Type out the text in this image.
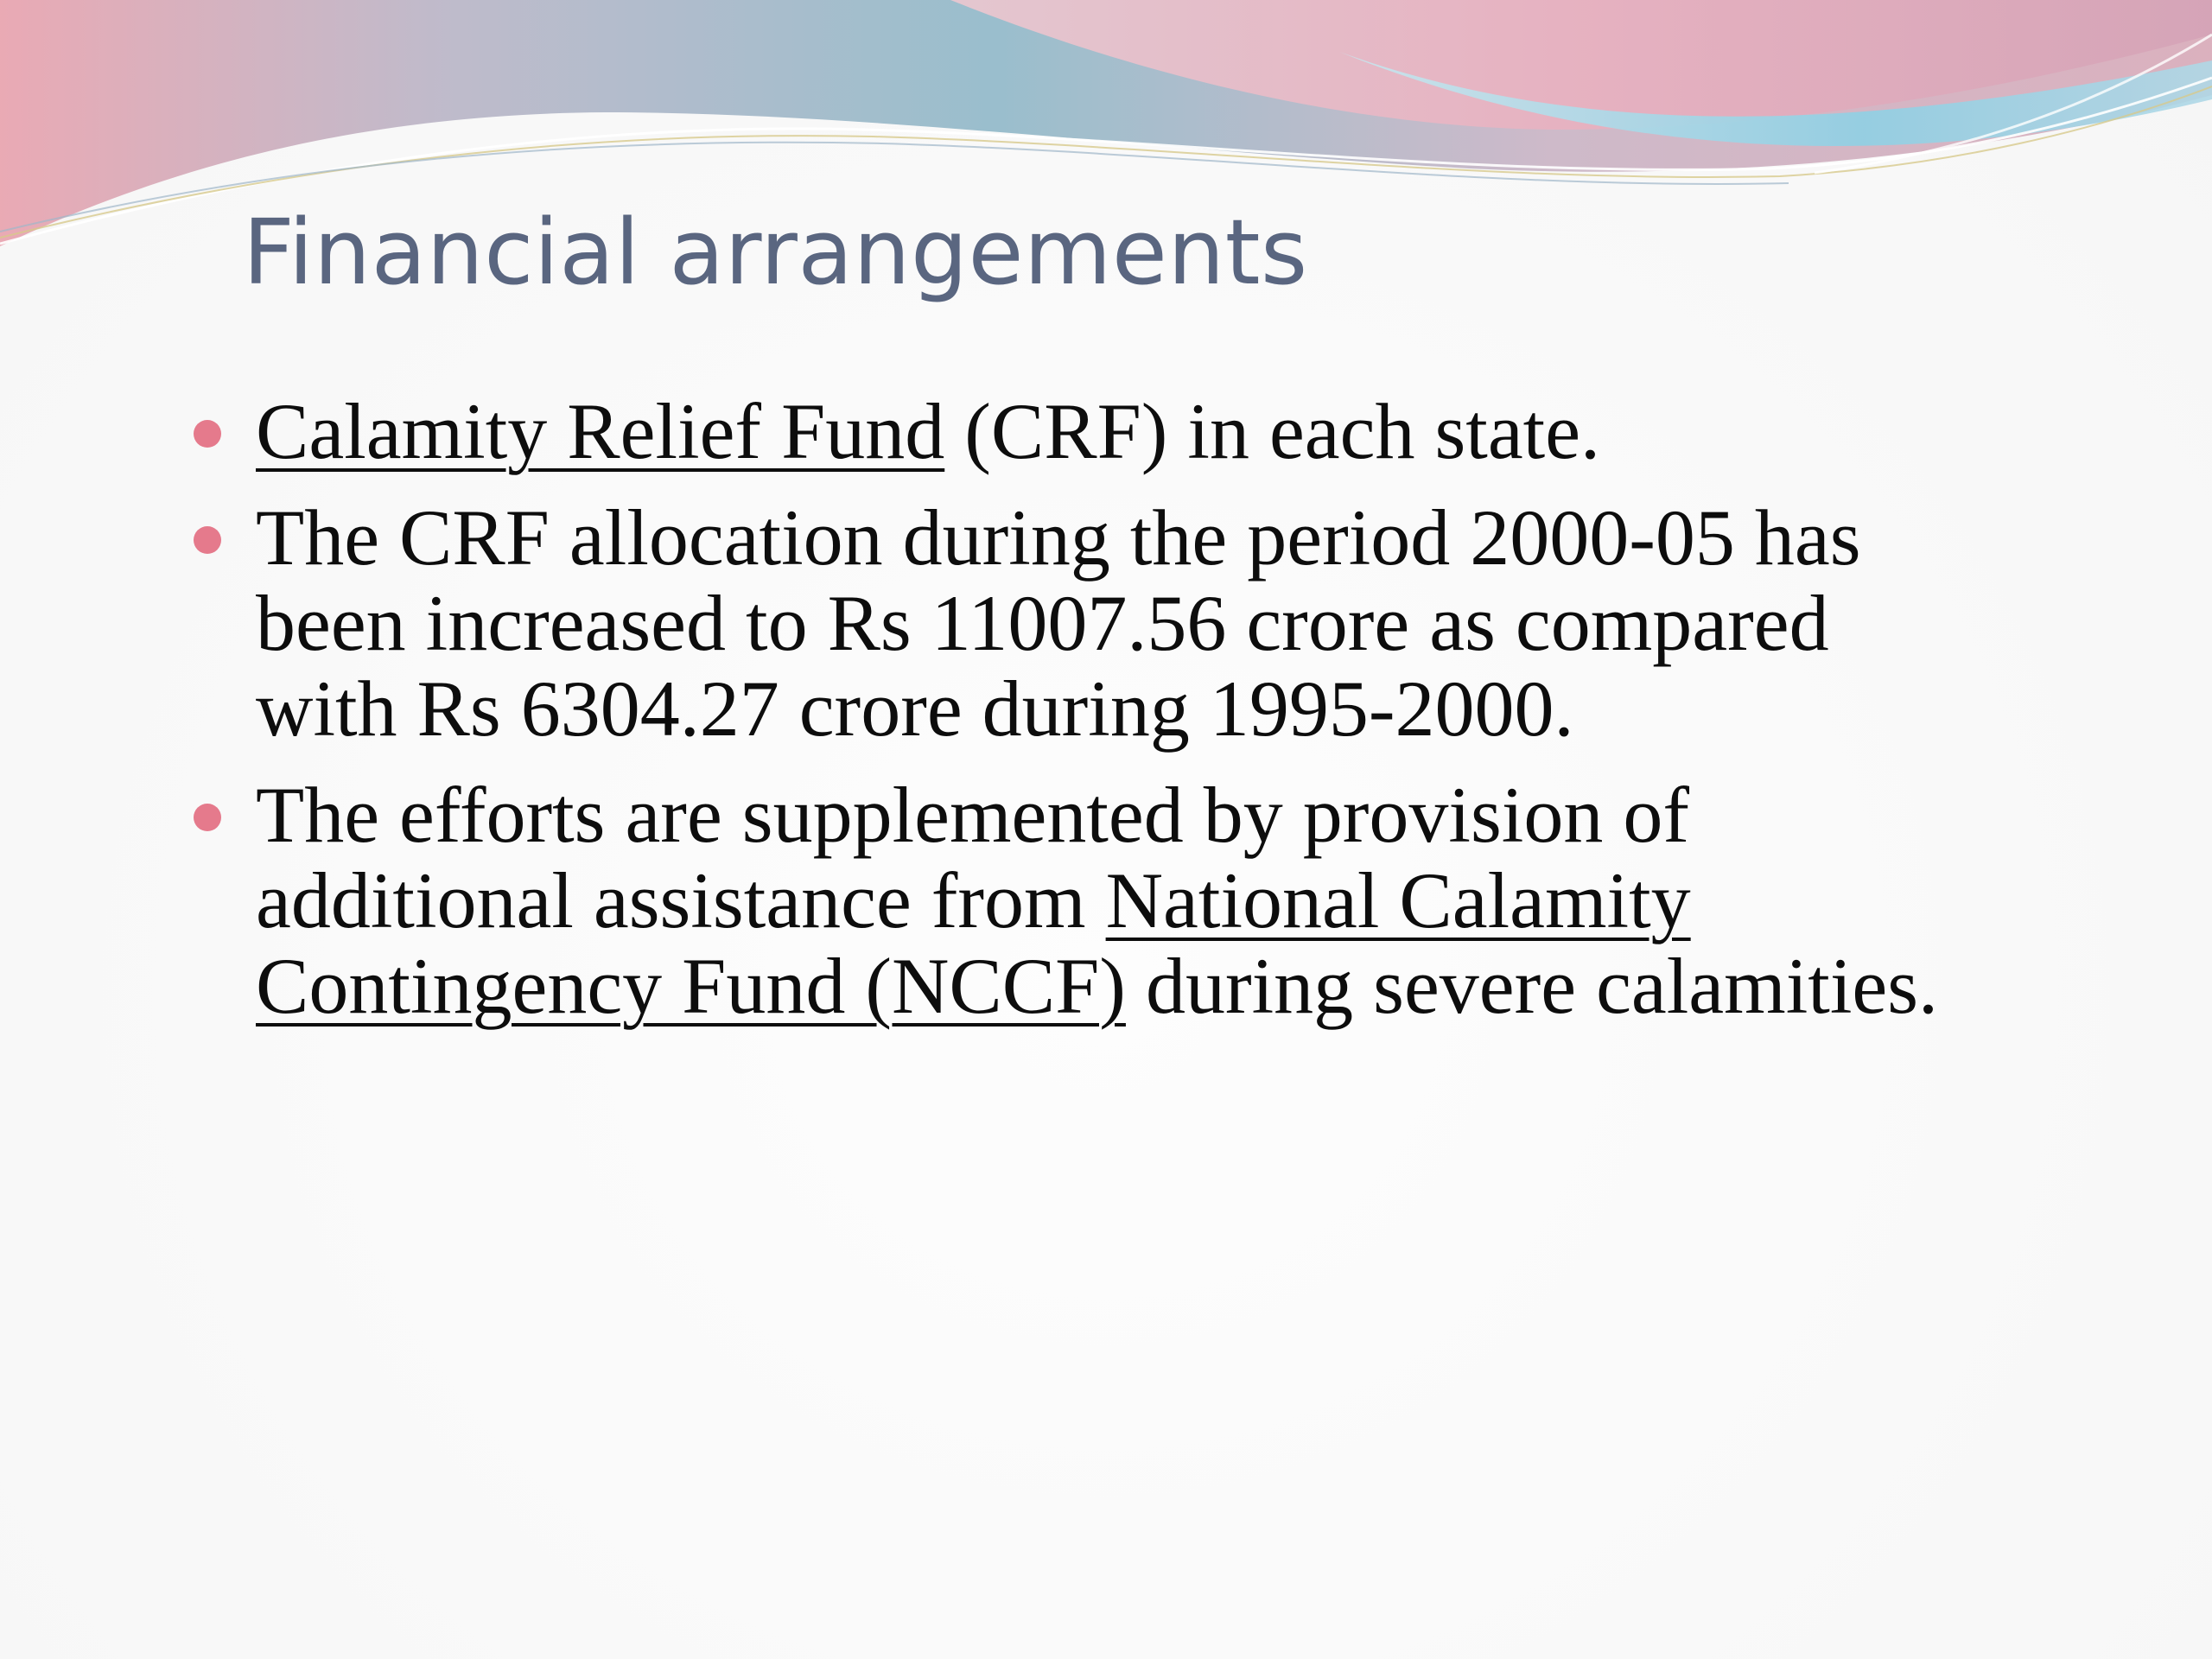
Financial arrangements
Calamity Relief Fund (CRF) in each state.
The CRF allocation during the period 2000-05 has been increased to Rs 11007.56 crore as compared with Rs 6304.27 crore during 1995-2000.
The efforts are supplemented by provision of additional assistance from National Calamity Contingency Fund (NCCF) during severe calamities.
